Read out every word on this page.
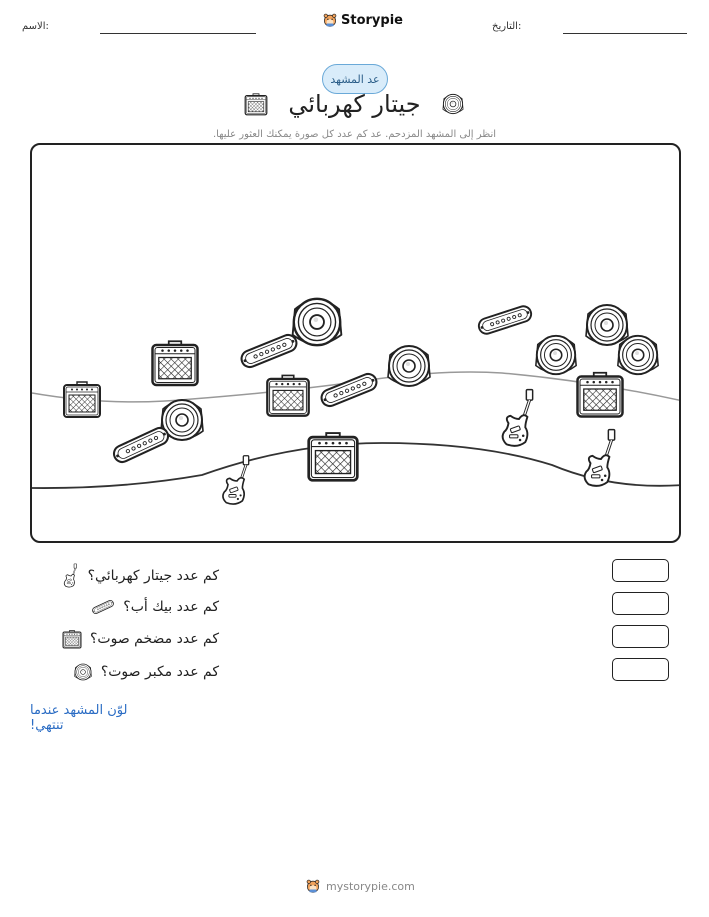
الاسم:	Storypie	التاريخ:
عد المشهد
جيتار كهربائي
انظر إلى المشهد المزدحم. عد كم عدد كل صورة يمكنك العثور عليها.
كم عدد جيتار كهربائي؟
كم عدد بيك أب؟
كم عدد مضخم صوت؟
كم عدد مكبر صوت؟
لوّن المشهد عندما تنتهي!
mystorypie.com
